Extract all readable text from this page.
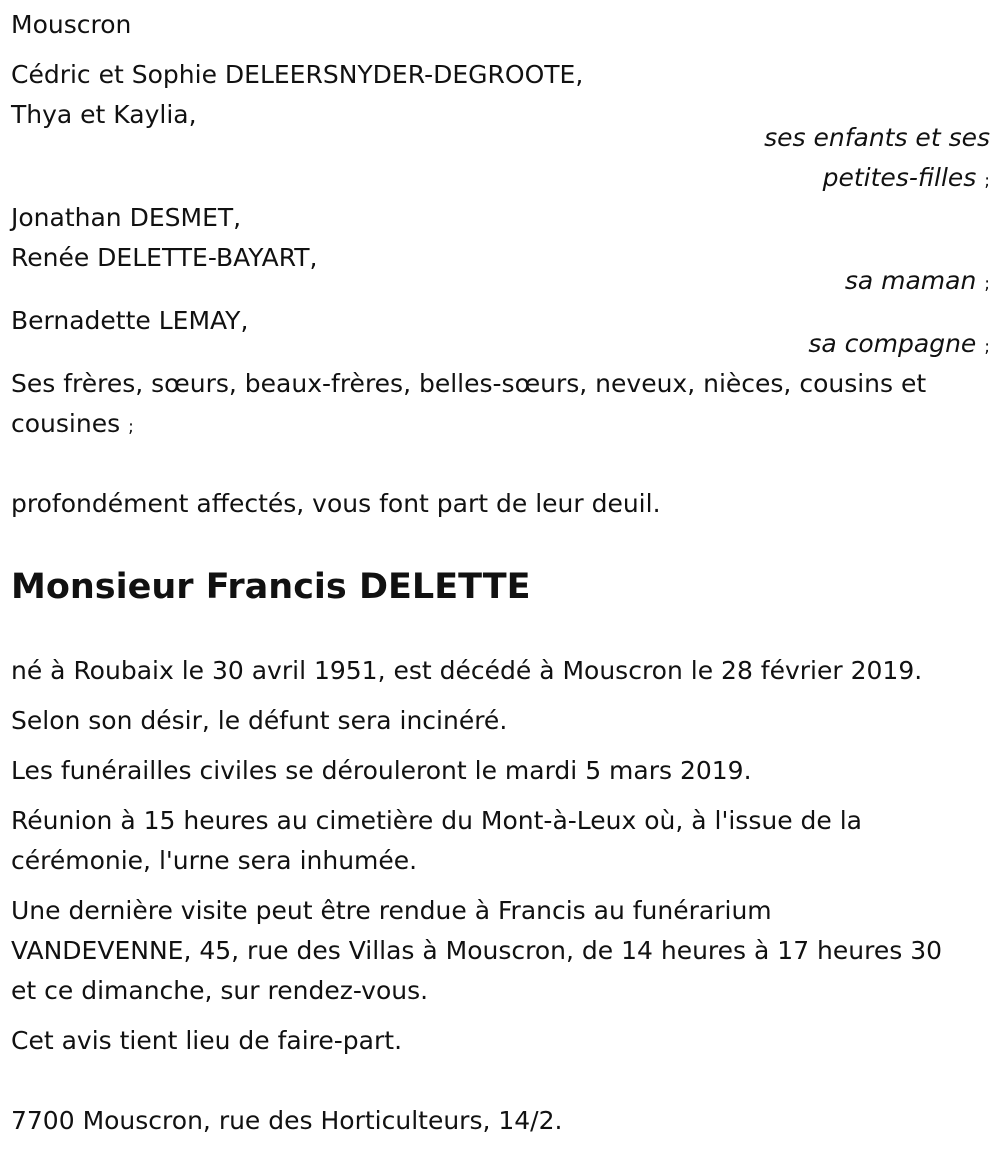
Mouscron
Cédric et Sophie DELEERSNYDER-DEGROOTE,
Thya et Kaylia,
ses enfants et ses
petites-filles ;
Jonathan DESMET,
Renée DELETTE-BAYART,
sa maman ;
Bernadette LEMAY,
sa compagne ;
Ses frères, sœurs, beaux-frères, belles-sœurs, neveux, nièces, cousins et
cousines ;
profondément affectés, vous font part de leur deuil.
Monsieur Francis DELETTE
né à Roubaix le 30 avril 1951, est décédé à Mouscron le 28 février 2019.
Selon son désir, le défunt sera incinéré.
Les funérailles civiles se dérouleront le mardi 5 mars 2019.
Réunion à 15 heures au cimetière du Mont-à-Leux où, à l'issue de la
cérémonie, l'urne sera inhumée.
Une dernière visite peut être rendue à Francis au funérarium
VANDEVENNE, 45, rue des Villas à Mouscron, de 14 heures à 17 heures 30
et ce dimanche, sur rendez-vous.
Cet avis tient lieu de faire-part.
7700 Mouscron, rue des Horticulteurs, 14/2.
